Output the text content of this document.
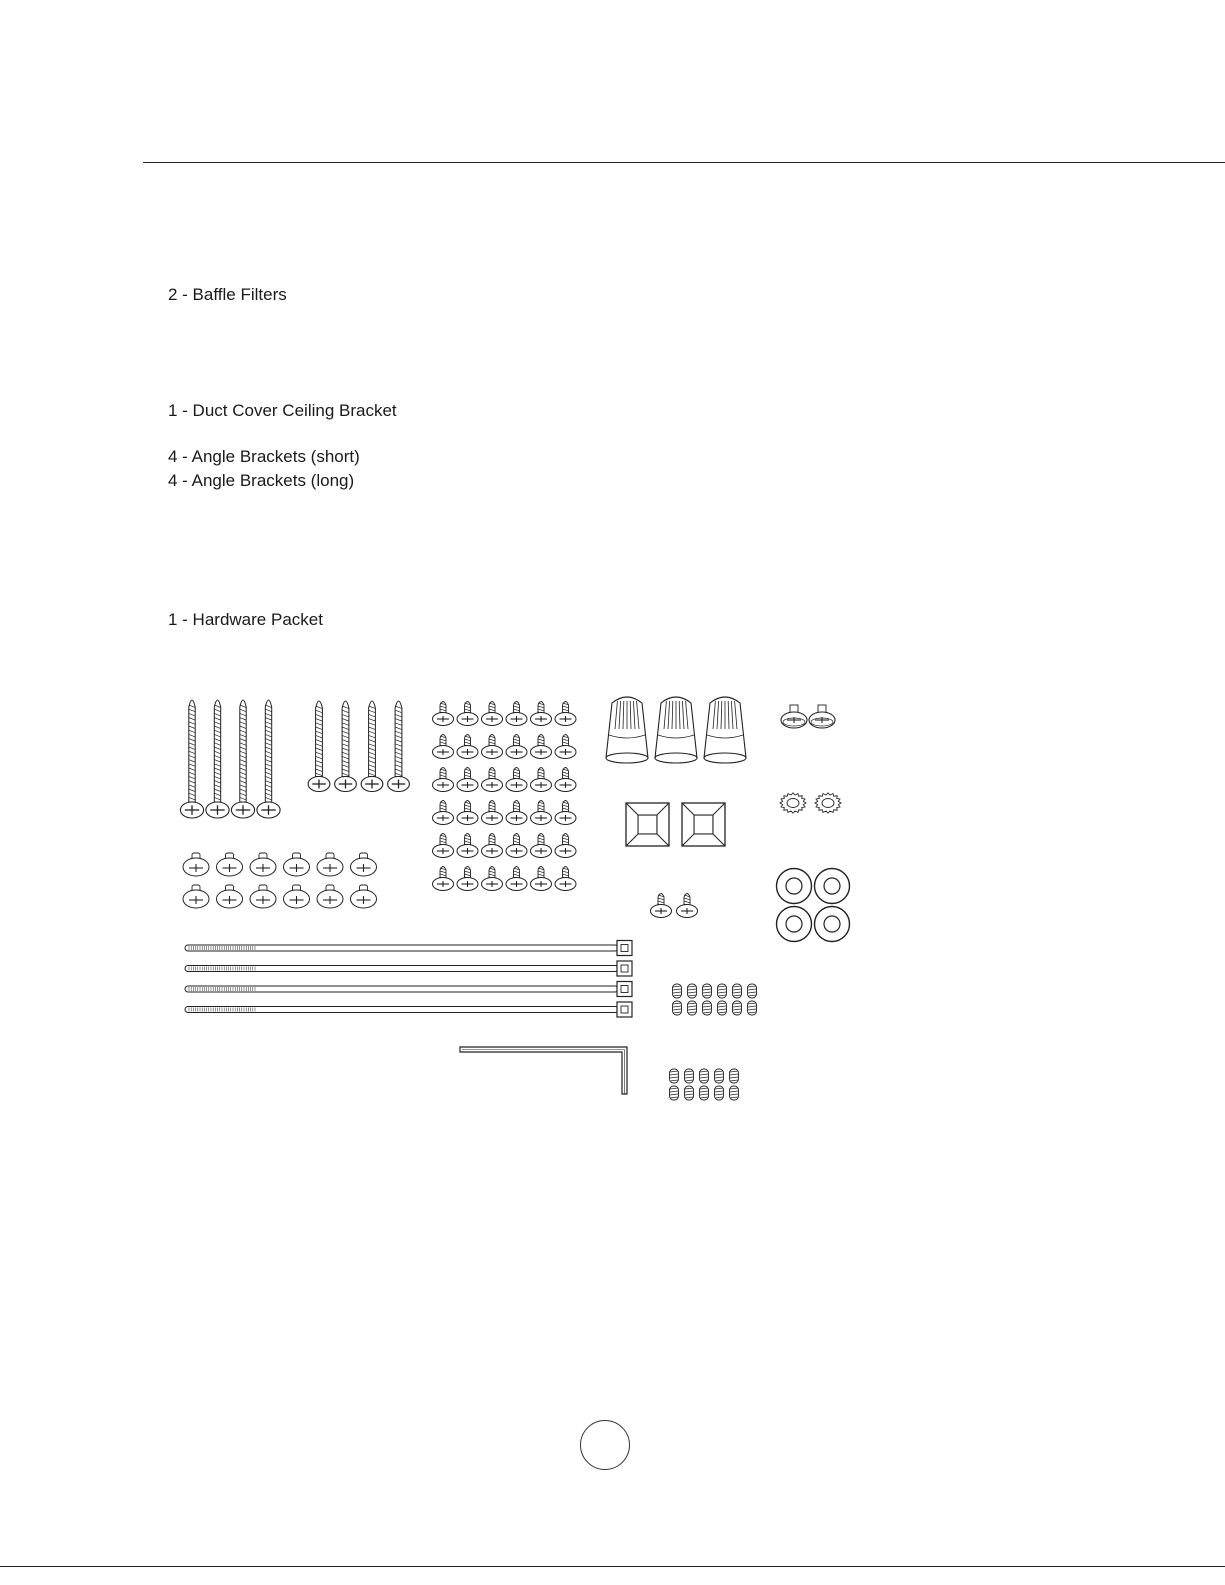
2 - Baffle Filters
1 - Duct Cover Ceiling Bracket
4 - Angle Brackets (short)
4 - Angle Brackets (long)
1 - Hardware Packet
